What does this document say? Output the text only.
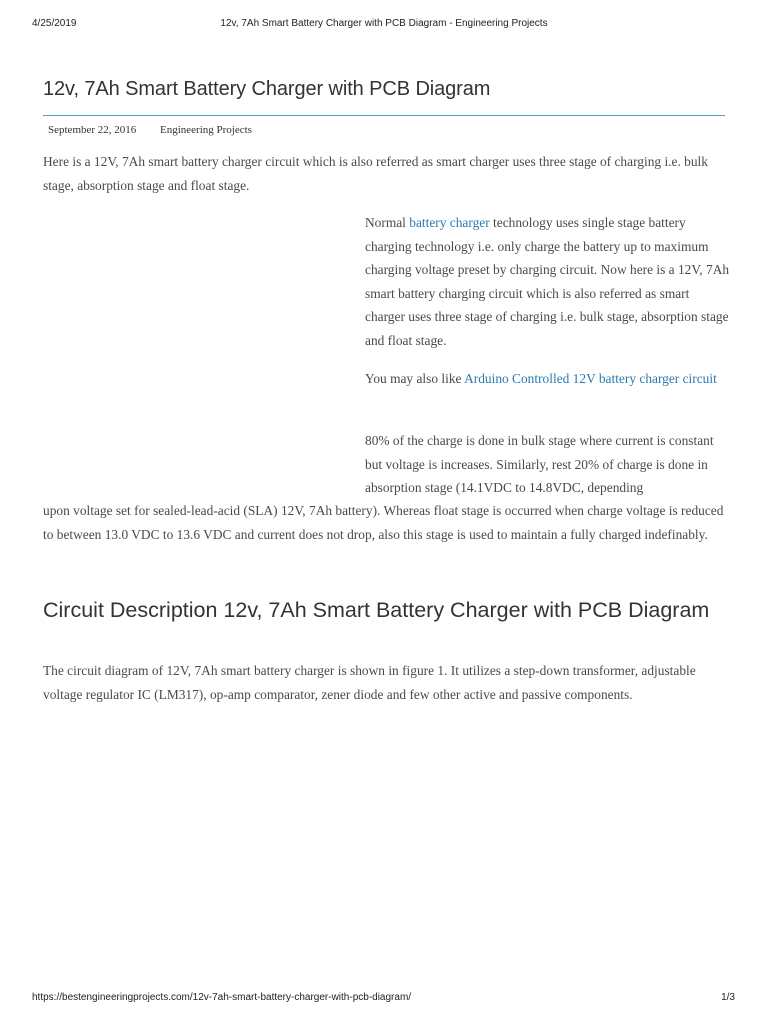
4/25/2019	12v, 7Ah Smart Battery Charger with PCB Diagram - Engineering Projects
12v, 7Ah Smart Battery Charger with PCB Diagram
September 22, 2016 Engineering Projects

Here is a 12V, 7Ah smart battery charger circuit which is also referred as smart charger uses three stage of charging i.e. bulk stage, absorption stage and float stage.

Normal battery charger technology uses single stage battery charging technology i.e. only charge the battery up to maximum charging voltage preset by charging circuit. Now here is a 12V, 7Ah smart battery charging circuit which is also referred as smart charger uses three stage of charging i.e. bulk stage, absorption stage and float stage.

You may also like Arduino Controlled 12V battery charger circuit

80% of the charge is done in bulk stage where current is constant but voltage is increases. Similarly, rest 20% of charge is done in absorption stage (14.1VDC to 14.8VDC, depending

upon voltage set for sealed-lead-acid (SLA) 12V, 7Ah battery). Whereas float stage is occurred when charge voltage is reduced to between 13.0 VDC to 13.6 VDC and current does not drop, also this stage is used to maintain a fully charged indefinably.

Circuit Description 12v, 7Ah Smart Battery Charger with PCB Diagram

The circuit diagram of 12V, 7Ah smart battery charger is shown in figure 1. It utilizes a step-down transformer, adjustable voltage regulator IC (LM317), op-amp comparator, zener diode and few other active and passive components.

https://bestengineeringprojects.com/12v-7ah-smart-battery-charger-with-pcb-diagram/	1/3
